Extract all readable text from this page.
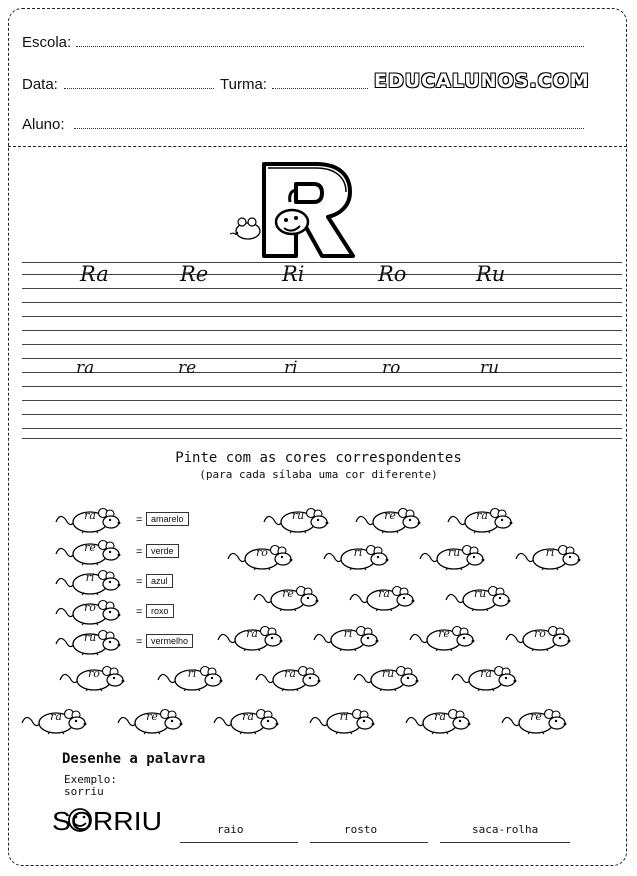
Escola:
Data:	Turma:	EDUCALUNOS.COM
Aluno:
Ra	Re	Ri	Ro	Ru
ra	re	ri	ro	ru
Pinte com as cores correspondentes
(para cada sílaba uma cor diferente)
ra	= amarelo
re	= verde
ri	= azul
ro	= roxo
ru	= vermelho
ru	re	ra
ro	ri	ru	ri
re	ra	ru
ra	ri	re	ro
ro	ri	ra	ru	ra
ra	re	ra	ri	ra	re
Desenhe a palavra
Exemplo:
sorriu
SORRIU	raio	rosto	saca-rolha
